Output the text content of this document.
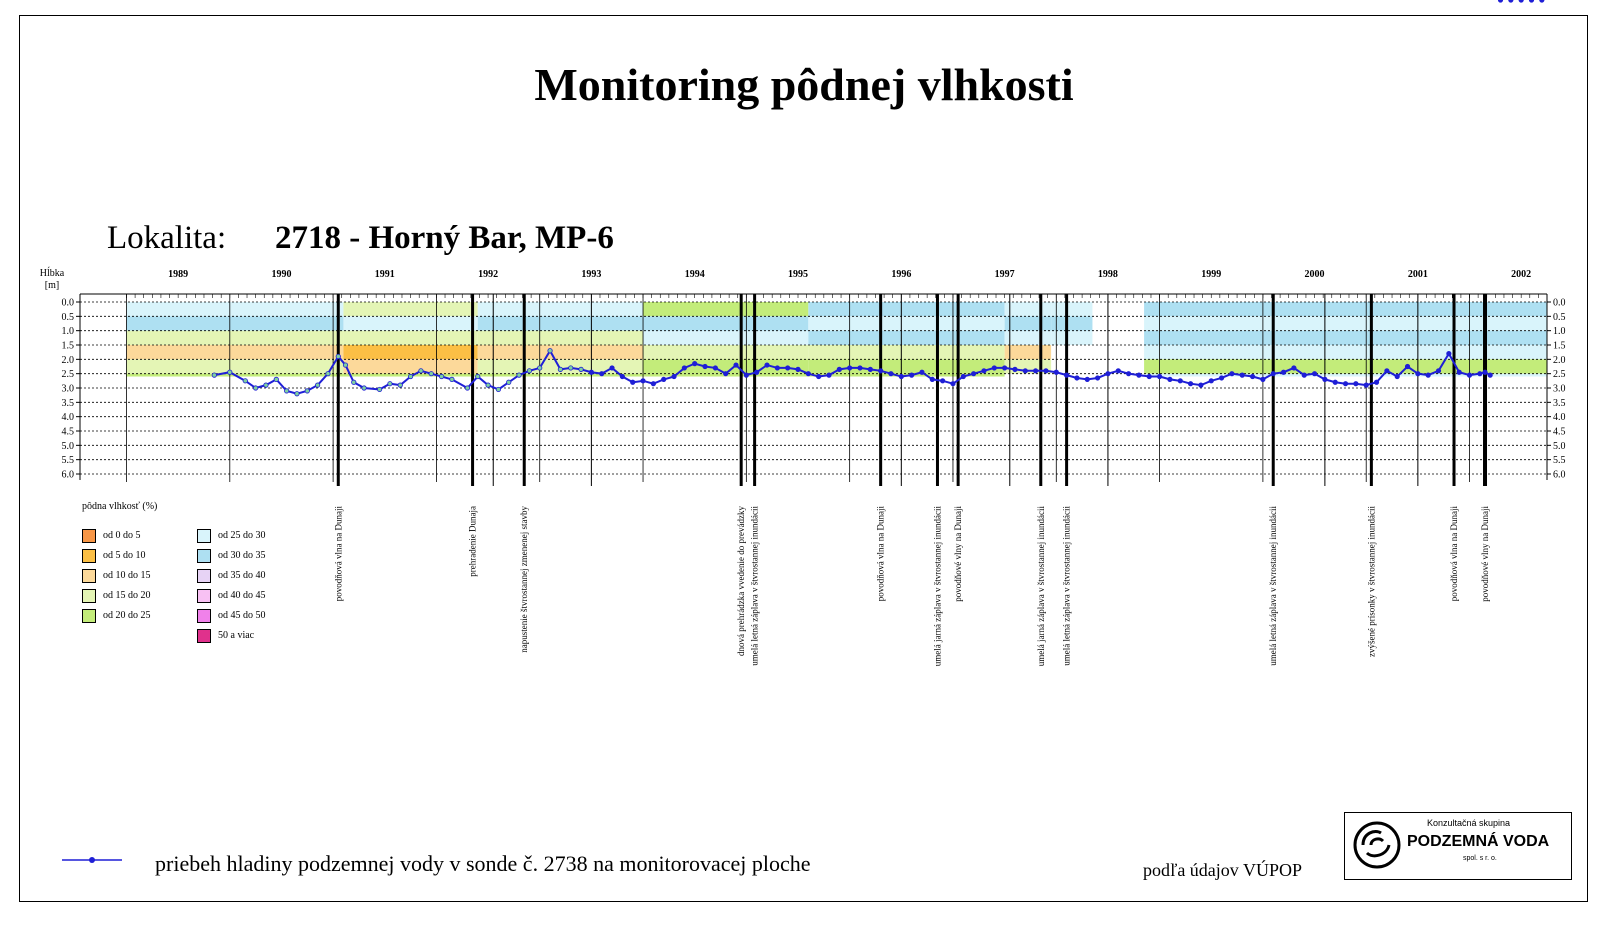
Monitoring pôdnej vlhkosti
Lokalita: 2718 - Horný Bar, MP-6
0.0	0.0
0.5	0.5
1.0	1.0
1.5	1.5
2.0	2.0
2.5	2.5
3.0	3.0
3.5	3.5
4.0	4.0
4.5	4.5
5.0	5.0
5.5	5.5
6.0	6.0
Hĺbka
[m]
1989	1990	1991	1992	1993	1994	1995	1996	1997	1998	1999	2000	2001	2002
povodňová vlna na Dunaji	prehradenie Dunaja	napustenie štvrostannej zmenenej stavby	dnová prehrádzka vvedenie do prevádzky umelá letná záplava v štvrostannej inundácii	povodňová vlna na Dunaji	umelá jarná záplava v štvrostannej inundácii povodňové vlny na Dunaji	umelá jarná záplava v štvrostannej inundácii umelá letná záplava v štvrostannej inundácii	umelá letná záplava v štvrostannej inundácii	zvýšené prísonky v štvrostannej inundácii	povodňová vlna na Dunaji povodňové vlny na Dunaji
pôdna vlhkosť (%)
od 0 do 5
od 5 do 10
od 10 do 15
od 15 do 20
od 20 do 25
od 25 do 30
od 30 do 35
od 35 do 40
od 40 do 45
od 45 do 50
50 a viac
priebeh hladiny podzemnej vody v sonde č. 2738 na monitorovacej ploche	podľa údajov VÚPOP
Konzultačná skupina
PODZEMNÁ VODA
spol. s r. o.
